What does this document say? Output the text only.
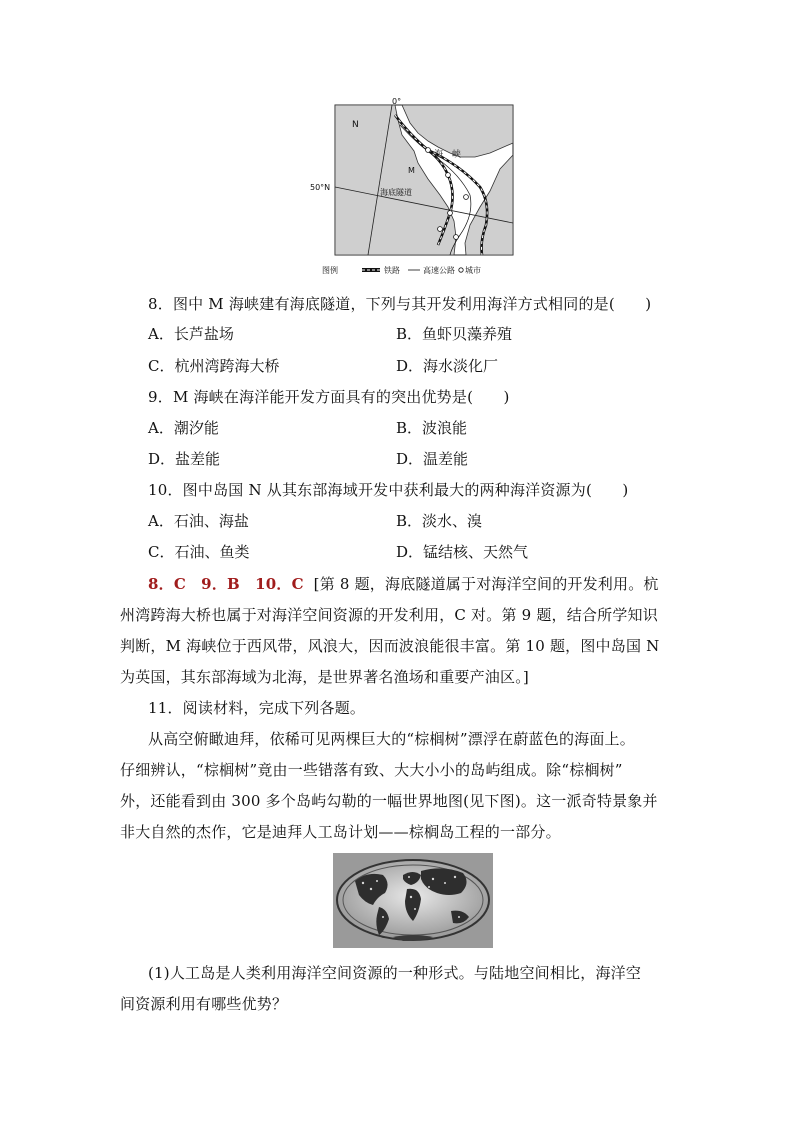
0°
50°N
N
M
海　峡
海底隧道
图例	铁路	高速公路 城市
8．图中 M 海峡建有海底隧道，下列与其开发利用海洋方式相同的是(　　)
A．长芦盐场	B．鱼虾贝藻养殖
C．杭州湾跨海大桥	D．海水淡化厂
9．M 海峡在海洋能开发方面具有的突出优势是(　　)
A．潮汐能	B．波浪能
D．盐差能	D．温差能
10．图中岛国 N 从其东部海域开发中获利最大的两种海洋资源为(　　)
A．石油、海盐	B．淡水、溴
C．石油、鱼类	D．锰结核、天然气
8．C　9．B　10．C [第 8 题，海底隧道属于对海洋空间的开发利用。杭
州湾跨海大桥也属于对海洋空间资源的开发利用，C 对。第 9 题，结合所学知识
判断，M 海峡位于西风带，风浪大，因而波浪能很丰富。第 10 题，图中岛国 N
为英国，其东部海域为北海，是世界著名渔场和重要产油区。]
11．阅读材料，完成下列各题。
从高空俯瞰迪拜，依稀可见两棵巨大的“棕榈树”漂浮在蔚蓝色的海面上。
仔细辨认，“棕榈树”竟由一些错落有致、大大小小的岛屿组成。除“棕榈树”
外，还能看到由 300 多个岛屿勾勒的一幅世界地图(见下图)。这一派奇特景象并
非大自然的杰作，它是迪拜人工岛计划——棕榈岛工程的一部分。
(1)人工岛是人类利用海洋空间资源的一种形式。与陆地空间相比，海洋空
间资源利用有哪些优势？
